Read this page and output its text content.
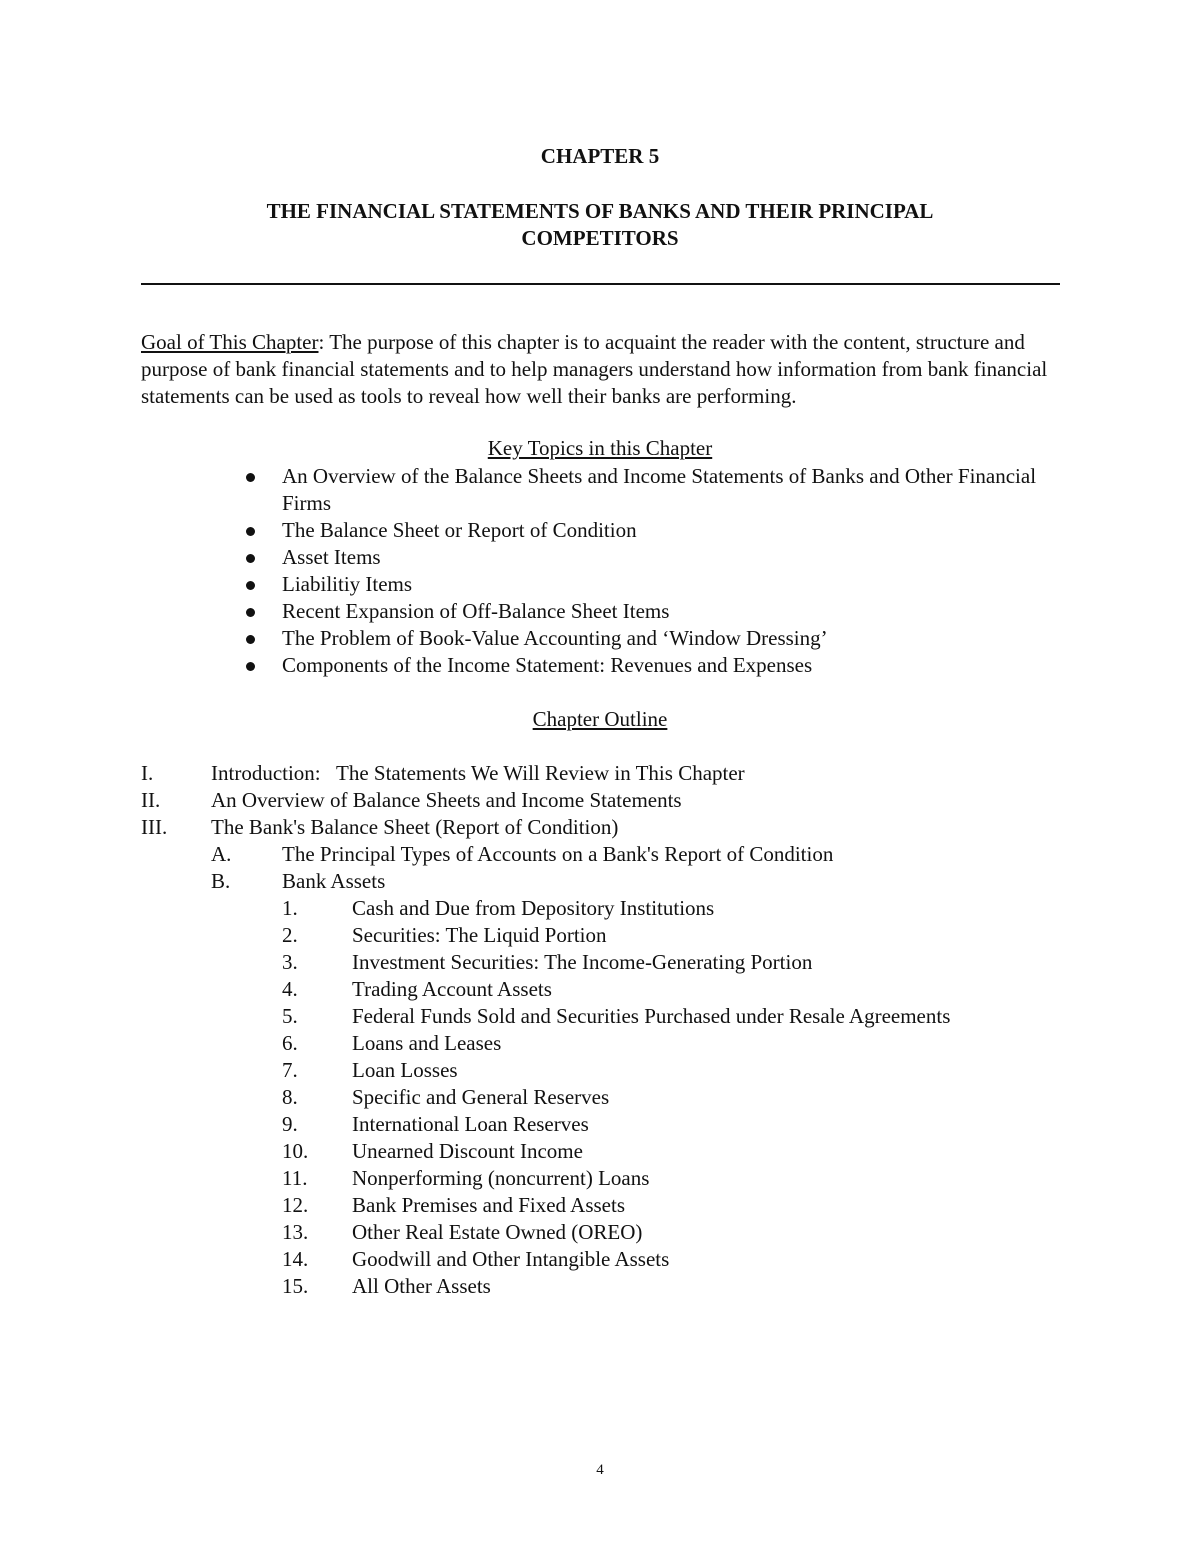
CHAPTER 5
THE FINANCIAL STATEMENTS OF BANKS AND THEIR PRINCIPAL COMPETITORS
Goal of This Chapter: The purpose of this chapter is to acquaint the reader with the content, structure and purpose of bank financial statements and to help managers understand how information from bank financial statements can be used as tools to reveal how well their banks are performing.
Key Topics in this Chapter
An Overview of the Balance Sheets and Income Statements of Banks and Other Financial Firms
The Balance Sheet or Report of Condition
Asset Items
Liabilitiy Items
Recent Expansion of Off-Balance Sheet Items
The Problem of Book-Value Accounting and ‘Window Dressing’
Components of the Income Statement: Revenues and Expenses
Chapter Outline
I.	Introduction:   The Statements We Will Review in This Chapter
II. An Overview of Balance Sheets and Income Statements
III. The Bank's Balance Sheet (Report of Condition)
A. The Principal Types of Accounts on a Bank's Report of Condition
B. Bank Assets
1.	Cash and Due from Depository Institutions
2.	Securities: The Liquid Portion
3.	Investment Securities: The Income-Generating Portion
4.	Trading Account Assets
5.	Federal Funds Sold and Securities Purchased under Resale Agreements
6.	Loans and Leases
7.	Loan Losses
8.	Specific and General Reserves
9.	International Loan Reserves
10. Unearned Discount Income
11. Nonperforming (noncurrent) Loans
12. Bank Premises and Fixed Assets
13. Other Real Estate Owned (OREO)
14. Goodwill and Other Intangible Assets
15. All Other Assets
4
